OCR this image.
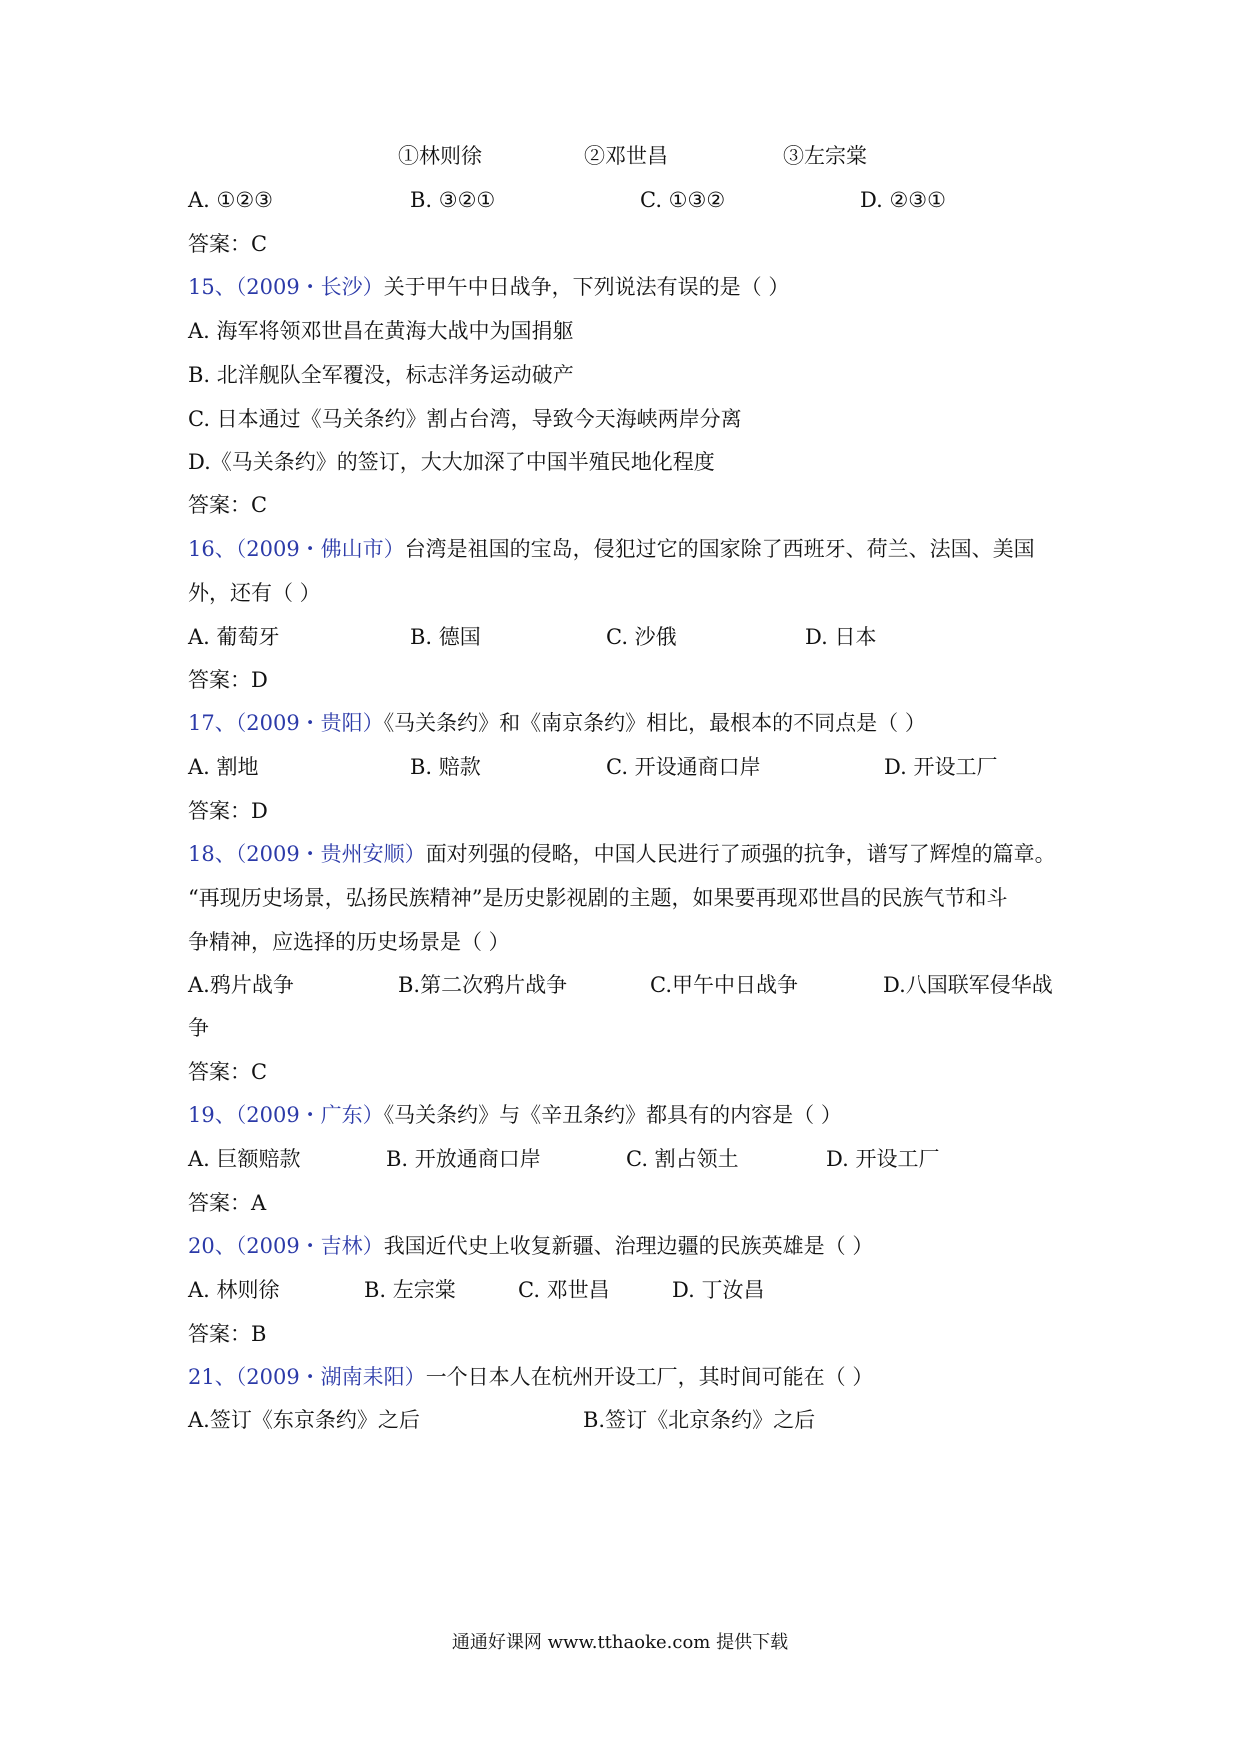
①林则徐	②邓世昌	③左宗棠
A. ①②③	B. ③②①	C. ①③②	D. ②③①
答案：C
15、（2009・长沙）关于甲午中日战争，下列说法有误的是（ ）
A. 海军将领邓世昌在黄海大战中为国捐躯
B. 北洋舰队全军覆没，标志洋务运动破产
C. 日本通过《马关条约》割占台湾，导致今天海峡两岸分离
D.《马关条约》的签订，大大加深了中国半殖民地化程度
答案：C
16、（2009・佛山市）台湾是祖国的宝岛，侵犯过它的国家除了西班牙、荷兰、法国、美国
外，还有（ ）
A. 葡萄牙	B. 德国	C. 沙俄	D. 日本
答案：D
17、（2009・贵阳）《马关条约》和《南京条约》相比，最根本的不同点是（ ）
A. 割地	B. 赔款	C. 开设通商口岸	D. 开设工厂
答案：D
18、（2009・贵州安顺）面对列强的侵略，中国人民进行了顽强的抗争，谱写了辉煌的篇章。
“再现历史场景，弘扬民族精神”是历史影视剧的主题，如果要再现邓世昌的民族气节和斗
争精神，应选择的历史场景是（ ）
A.鸦片战争	B.第二次鸦片战争	C.甲午中日战争	D.八国联军侵华战
争
答案：C
19、（2009・广东）《马关条约》与《辛丑条约》都具有的内容是（ ）
A. 巨额赔款	B. 开放通商口岸	C. 割占领土	D. 开设工厂
答案：A
20、（2009・吉林）我国近代史上收复新疆、治理边疆的民族英雄是（ ）
A. 林则徐	B. 左宗棠	C. 邓世昌	D. 丁汝昌
答案：B
21、（2009・湖南耒阳）一个日本人在杭州开设工厂，其时间可能在（ ）
A.签订《东京条约》之后	B.签订《北京条约》之后
通通好课网 www.tthaoke.com 提供下载
